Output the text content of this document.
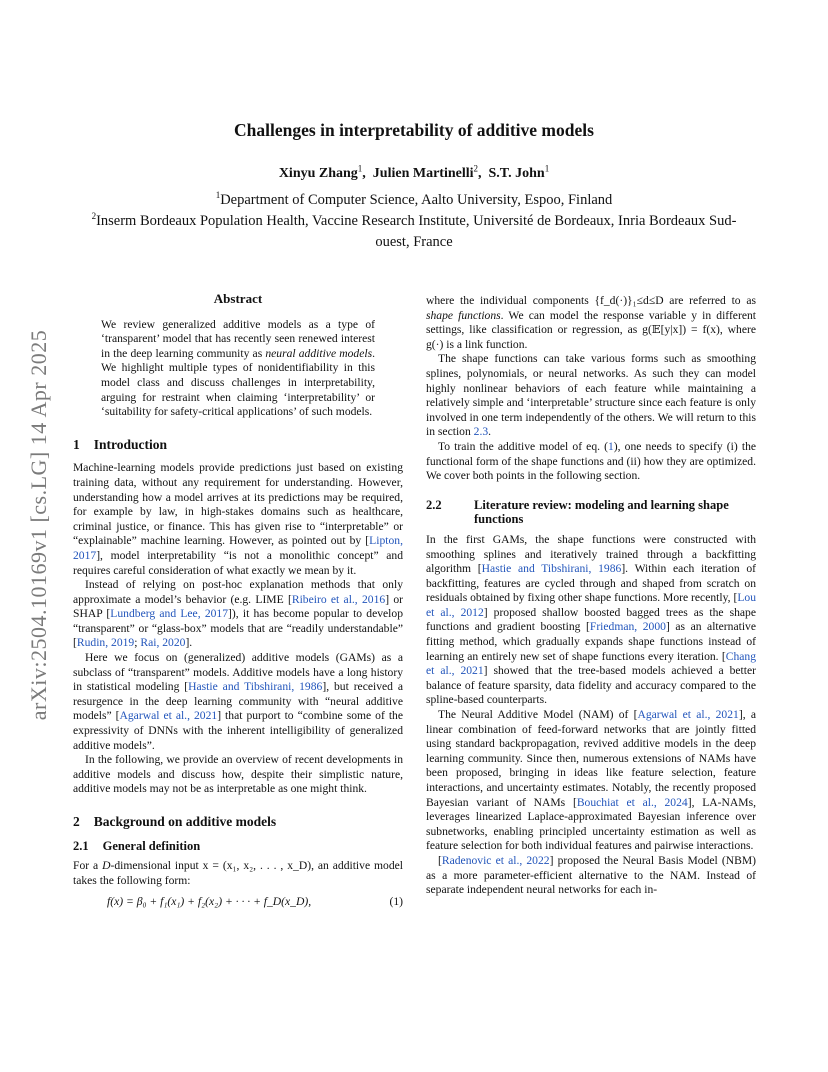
arXiv:2504.10169v1 [cs.LG] 14 Apr 2025
Challenges in interpretability of additive models
Xinyu Zhang$^1$,  Julien Martinelli$^2$,  S.T. John$^1$
$^1$Department of Computer Science, Aalto University, Espoo, Finland
$^2$Inserm Bordeaux Population Health, Vaccine Research Institute, Université de Bordeaux, Inria Bordeaux Sud-ouest, France
Abstract
We review generalized additive models as a type of ‘transparent’ model that has recently seen renewed interest in the deep learning community as neural additive models. We highlight multiple types of nonidentifiability in this model class and discuss challenges in interpretability, arguing for restraint when claiming ‘interpretability’ or ‘suitability for safety-critical applications’ of such models.
1 Introduction

Machine-learning models provide predictions just based on existing training data, without any requirement for understanding. However, understanding how a model arrives at its predictions may be required, for example by law, in high-stakes domains such as healthcare, criminal justice, or finance. This has given rise to “interpretable” or “explainable” machine learning. However, as pointed out by [Lipton, 2017], model interpretability “is not a monolithic concept” and requires careful consideration of what exactly we mean by it.

Instead of relying on post-hoc explanation methods that only approximate a model’s behavior (e.g. LIME [Ribeiro et al., 2016] or SHAP [Lundberg and Lee, 2017]), it has become popular to develop “transparent” or “glass-box” models that are “readily understandable” [Rudin, 2019; Rai, 2020].

Here we focus on (generalized) additive models (GAMs) as a subclass of “transparent” models. Additive models have a long history in statistical modeling [Hastie and Tibshirani, 1986], but received a resurgence in the deep learning community with “neural additive models” [Agarwal et al., 2021] that purport to “combine some of the expressivity of DNNs with the inherent intelligibility of generalized additive models”.

In the following, we provide an overview of recent developments in additive models and discuss how, despite their simplistic nature, additive models may not be as interpretable as one might think.

2 Background on additive models
2.1 General definition

For a D-dimensional input x = (x₁, x₂, . . . , x_D), an additive model takes the following form:

f(x) = β₀ + f₁(x₁) + f₂(x₂) + · · · + f_D(x_D),	(1)

where the individual components {f_d(·)}₁≤d≤D are referred to as shape functions. We can model the response variable y in different settings, like classification or regression, as g(𝔼[y|x]) = f(x), where g(·) is a link function.

The shape functions can take various forms such as smoothing splines, polynomials, or neural networks. As such they can model highly nonlinear behaviors of each feature while maintaining a relatively simple and ‘interpretable’ structure since each feature is only involved in one term independently of the others. We will return to this in section 2.3.

To train the additive model of eq. (1), one needs to specify (i) the functional form of the shape functions and (ii) how they are optimized. We cover both points in the following section.

2.2	Literature review: modeling and learning shape functions

In the first GAMs, the shape functions were constructed with smoothing splines and iteratively trained through a backfitting algorithm [Hastie and Tibshirani, 1986]. Within each iteration of backfitting, features are cycled through and shaped from scratch on residuals obtained by fixing other shape functions. More recently, [Lou et al., 2012] proposed shallow boosted bagged trees as the shape functions and gradient boosting [Friedman, 2000] as an alternative fitting method, which gradually expands shape functions instead of learning an entirely new set of shape functions every iteration. [Chang et al., 2021] showed that the tree-based models achieved a better balance of feature sparsity, data fidelity and accuracy compared to the spline-based counterparts.

The Neural Additive Model (NAM) of [Agarwal et al., 2021], a linear combination of feed-forward networks that are jointly fitted using standard backpropagation, revived additive models in the deep learning community. Since then, numerous extensions of NAMs have been proposed, bringing in ideas like feature selection, feature interactions, and uncertainty estimates. Notably, the recently proposed Bayesian variant of NAMs [Bouchiat et al., 2024], LA-NAMs, leverages linearized Laplace-approximated Bayesian inference over subnetworks, enabling principled uncertainty estimation as well as feature selection for both individual features and pairwise interactions.

[Radenovic et al., 2022] proposed the Neural Basis Model (NBM) as a more parameter-efficient alternative to the NAM. Instead of separate independent neural networks for each in-
